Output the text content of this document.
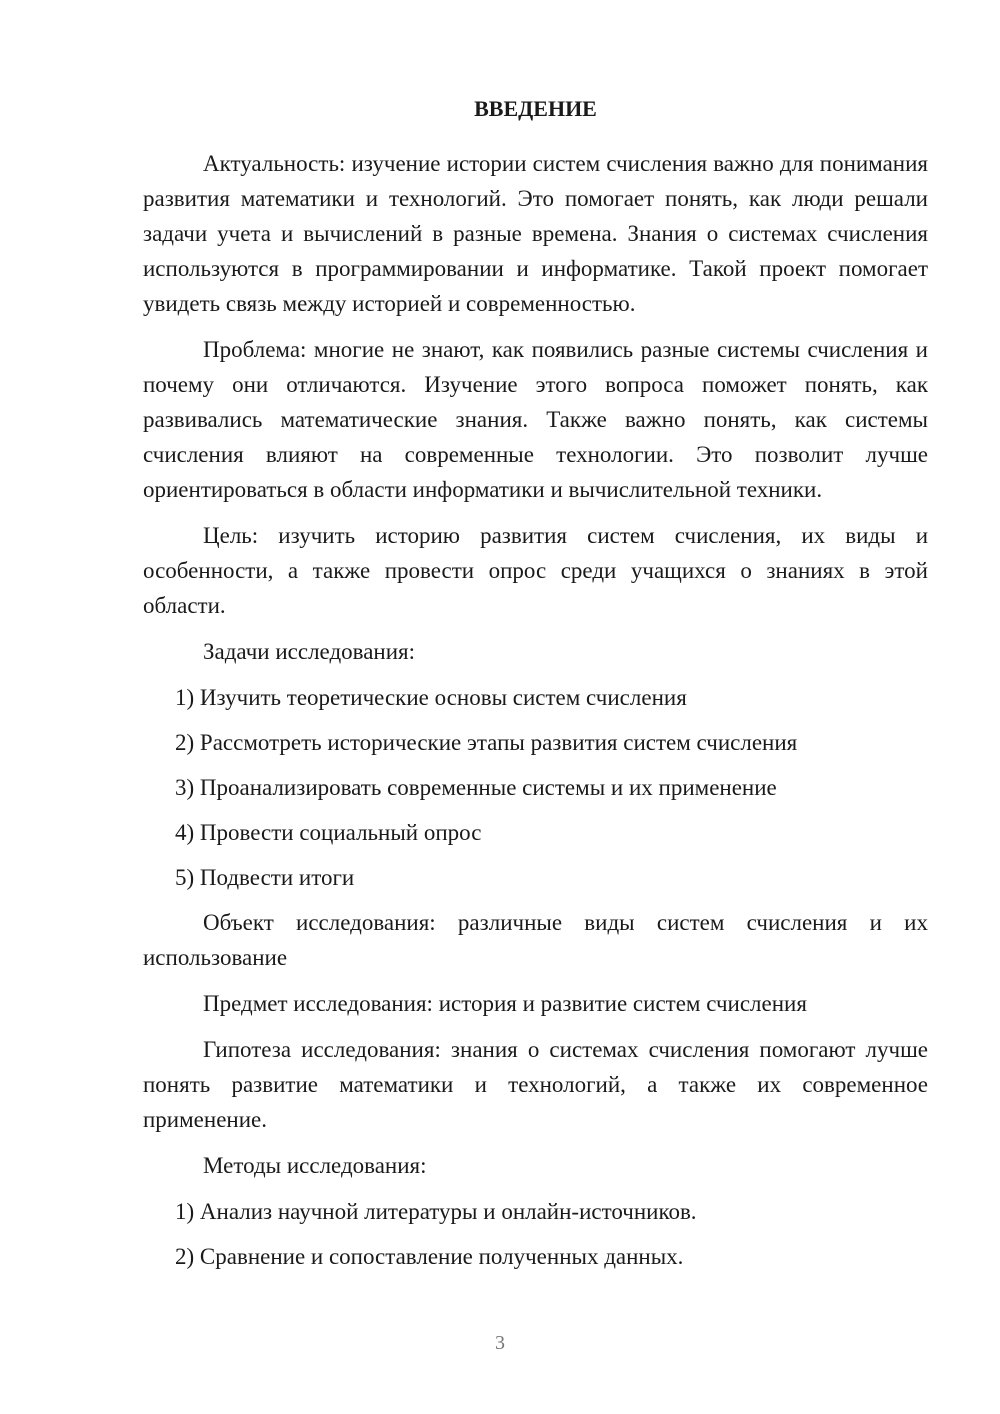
ВВЕДЕНИЕ

Актуальность: изучение истории систем счисления важно для понимания развития математики и технологий. Это помогает понять, как люди решали задачи учета и вычислений в разные времена. Знания о системах счисления используются в программировании и информатике. Такой проект помогает увидеть связь между историей и современностью.

Проблема: многие не знают, как появились разные системы счисления и почему они отличаются. Изучение этого вопроса поможет понять, как развивались математические знания. Также важно понять, как системы счисления влияют на современные технологии. Это позволит лучше ориентироваться в области информатики и вычислительной техники.

Цель: изучить историю развития систем счисления, их виды и особенности, а также провести опрос среди учащихся о знаниях в этой области.

Задачи исследования:

1) Изучить теоретические основы систем счисления
2) Рассмотреть исторические этапы развития систем счисления
3) Проанализировать современные системы и их применение
4) Провести социальный опрос
5) Подвести итоги

Объект исследования: различные виды систем счисления и их использование

Предмет исследования: история и развитие систем счисления

Гипотеза исследования: знания о системах счисления помогают лучше понять развитие математики и технологий, а также их современное применение.

Методы исследования:

1) Анализ научной литературы и онлайн-источников.
2) Сравнение и сопоставление полученных данных.
3
